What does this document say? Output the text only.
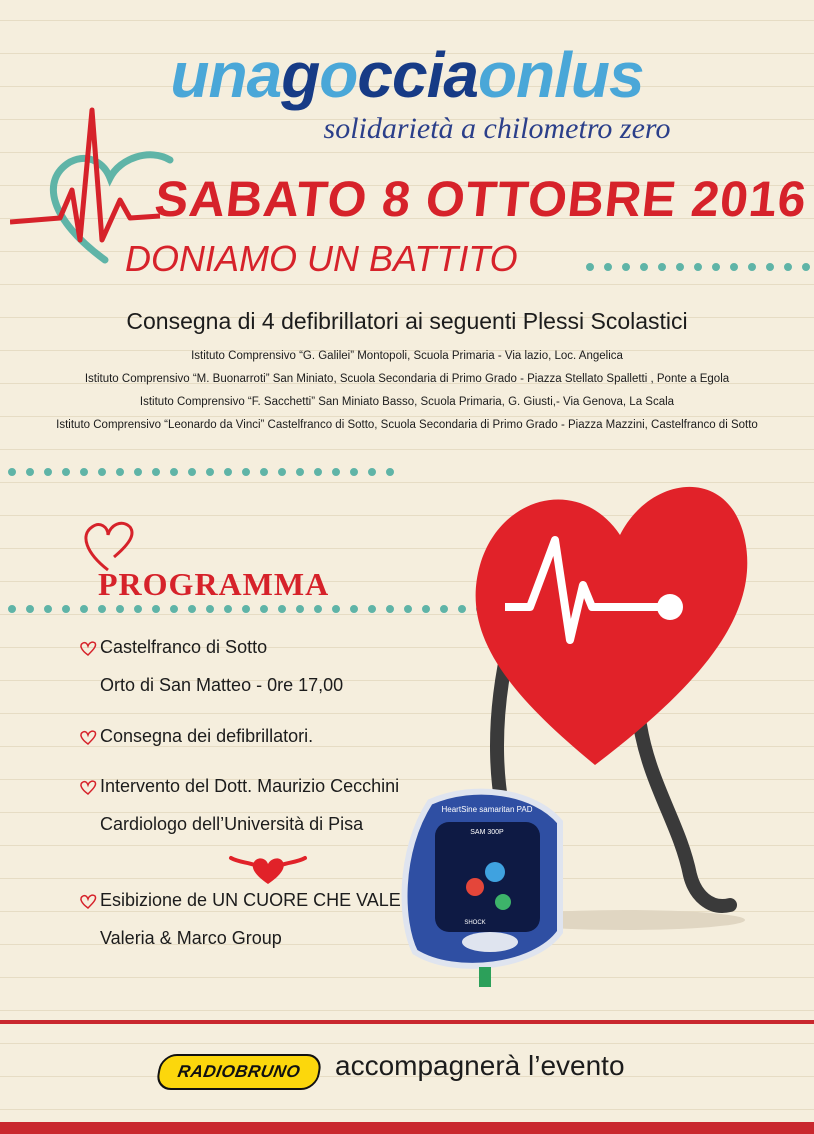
unagocciaonlus
solidarietà a chilometro zero
SABATO 8 OTTOBRE 2016
DONIAMO UN BATTITO
Consegna di 4 defibrillatori ai seguenti Plessi Scolastici
Istituto Comprensivo “G. Galilei” Montopoli, Scuola Primaria - Via lazio, Loc. Angelica
Istituto Comprensivo “M. Buonarroti” San Miniato, Scuola Secondaria di Primo Grado - Piazza Stellato Spalletti , Ponte a Egola
Istituto Comprensivo “F. Sacchetti” San Miniato Basso, Scuola Primaria, G. Giusti,- Via Genova, La Scala
Istituto Comprensivo “Leonardo da Vinci” Castelfranco di Sotto, Scuola Secondaria di Primo Grado - Piazza Mazzini, Castelfranco di Sotto
PROGRAMMA
HeartSine samaritan PAD
SAM 300P
SHOCK
Castelfranco di Sotto
Orto di San Matteo - 0re 17,00
Consegna dei defibrillatori.
Intervento del Dott. Maurizio Cecchini
Cardiologo dell’Università di Pisa
Esibizione de UN CUORE CHE VALE
Valeria & Marco Group
RADIOBRUNO	accompagnerà l’evento
